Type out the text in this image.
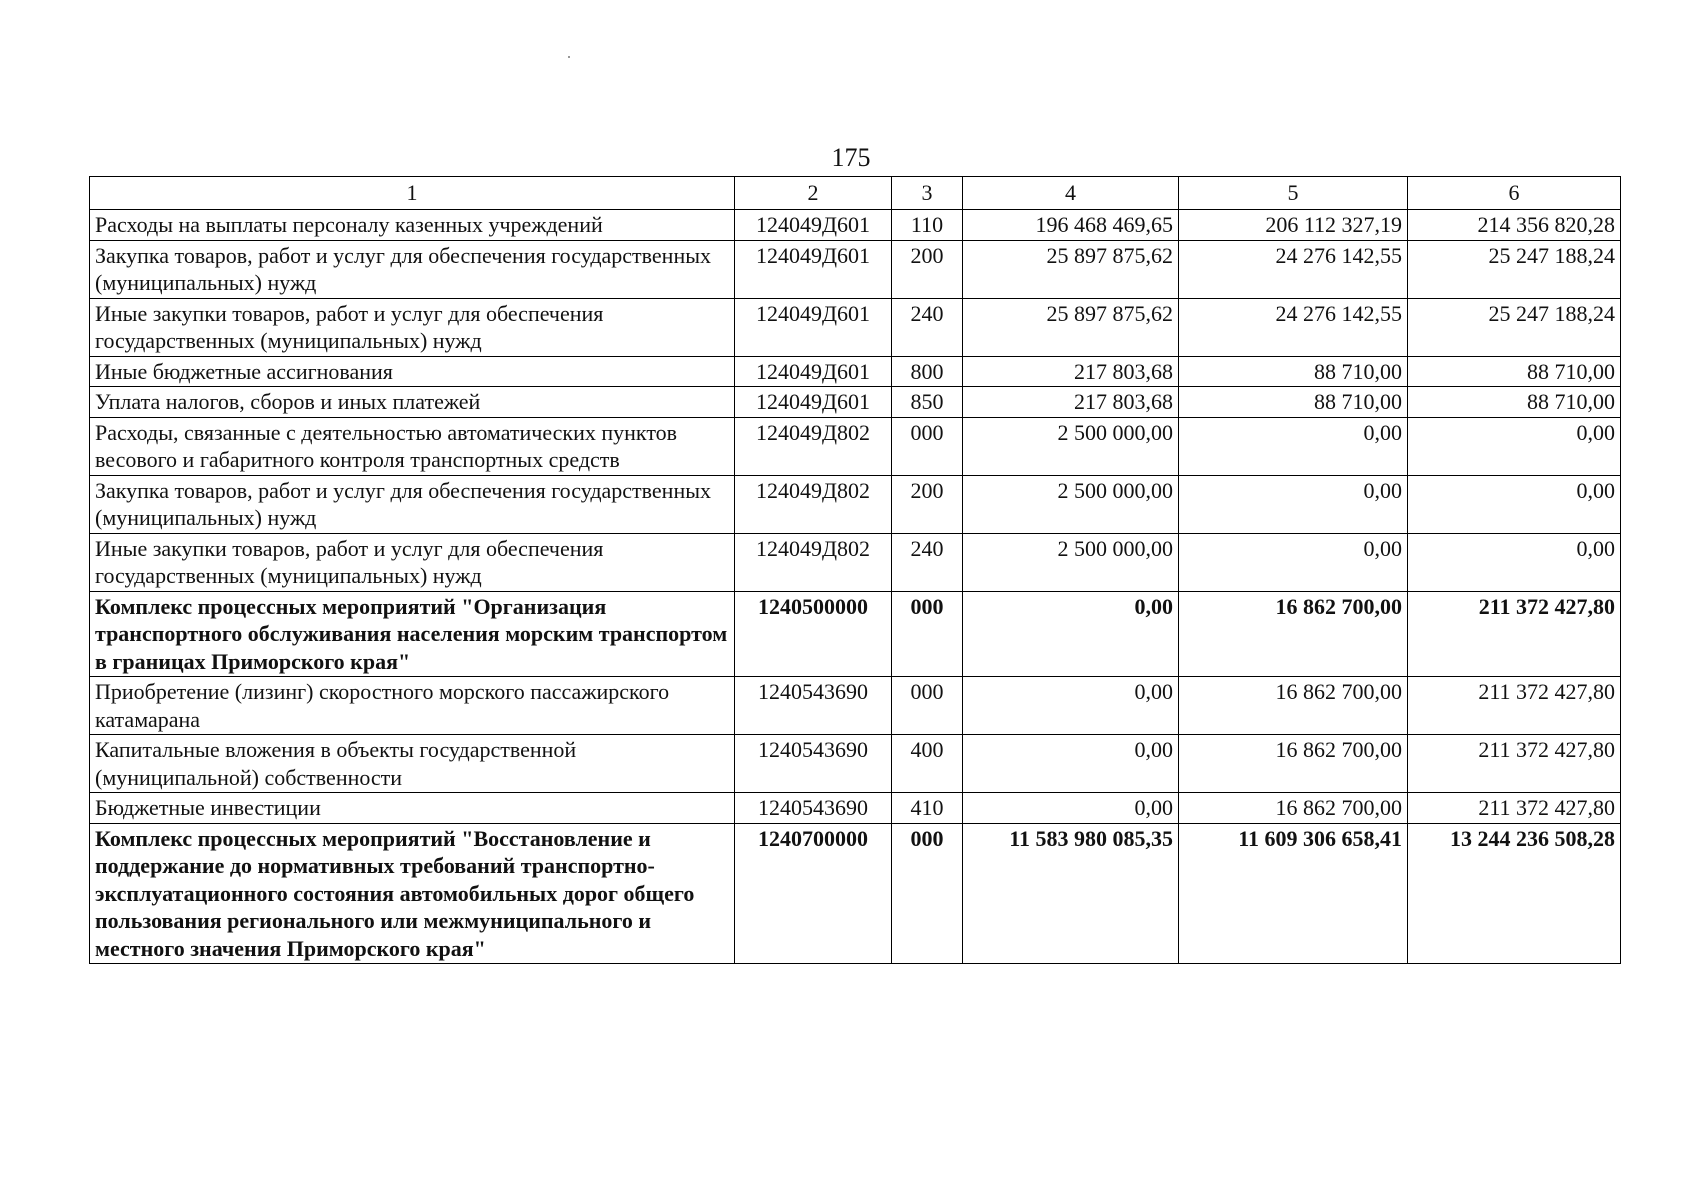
175
1	2	3	4	5	6
Расходы на выплаты персоналу казенных учреждений	124049Д601	110	196 468 469,65	206 112 327,19	214 356 820,28
Закупка товаров, работ и услуг для обеспечения государственных (муниципальных) нужд	124049Д601	200	25 897 875,62	24 276 142,55	25 247 188,24
Иные закупки товаров, работ и услуг для обеспечения государственных (муниципальных) нужд	124049Д601	240	25 897 875,62	24 276 142,55	25 247 188,24
Иные бюджетные ассигнования	124049Д601	800	217 803,68	88 710,00	88 710,00
Уплата налогов, сборов и иных платежей	124049Д601	850	217 803,68	88 710,00	88 710,00
Расходы, связанные с деятельностью автоматических пунктов весового и габаритного контроля транспортных средств	124049Д802	000	2 500 000,00	0,00	0,00
Закупка товаров, работ и услуг для обеспечения государственных (муниципальных) нужд	124049Д802	200	2 500 000,00	0,00	0,00
Иные закупки товаров, работ и услуг для обеспечения государственных (муниципальных) нужд	124049Д802	240	2 500 000,00	0,00	0,00
Комплекс процессных мероприятий "Организация транспортного обслуживания населения морским транспортом в границах Приморского края"	1240500000	000	0,00	16 862 700,00	211 372 427,80
Приобретение (лизинг) скоростного морского пассажирского катамарана	1240543690	000	0,00	16 862 700,00	211 372 427,80
Капитальные вложения в объекты государственной (муниципальной) собственности	1240543690	400	0,00	16 862 700,00	211 372 427,80
Бюджетные инвестиции	1240543690	410	0,00	16 862 700,00	211 372 427,80
Комплекс процессных мероприятий "Восстановление и поддержание до нормативных требований транспортно-эксплуатационного состояния автомобильных дорог общего пользования регионального или межмуниципального и местного значения Приморского края"	1240700000	000	11 583 980 085,35	11 609 306 658,41	13 244 236 508,28
